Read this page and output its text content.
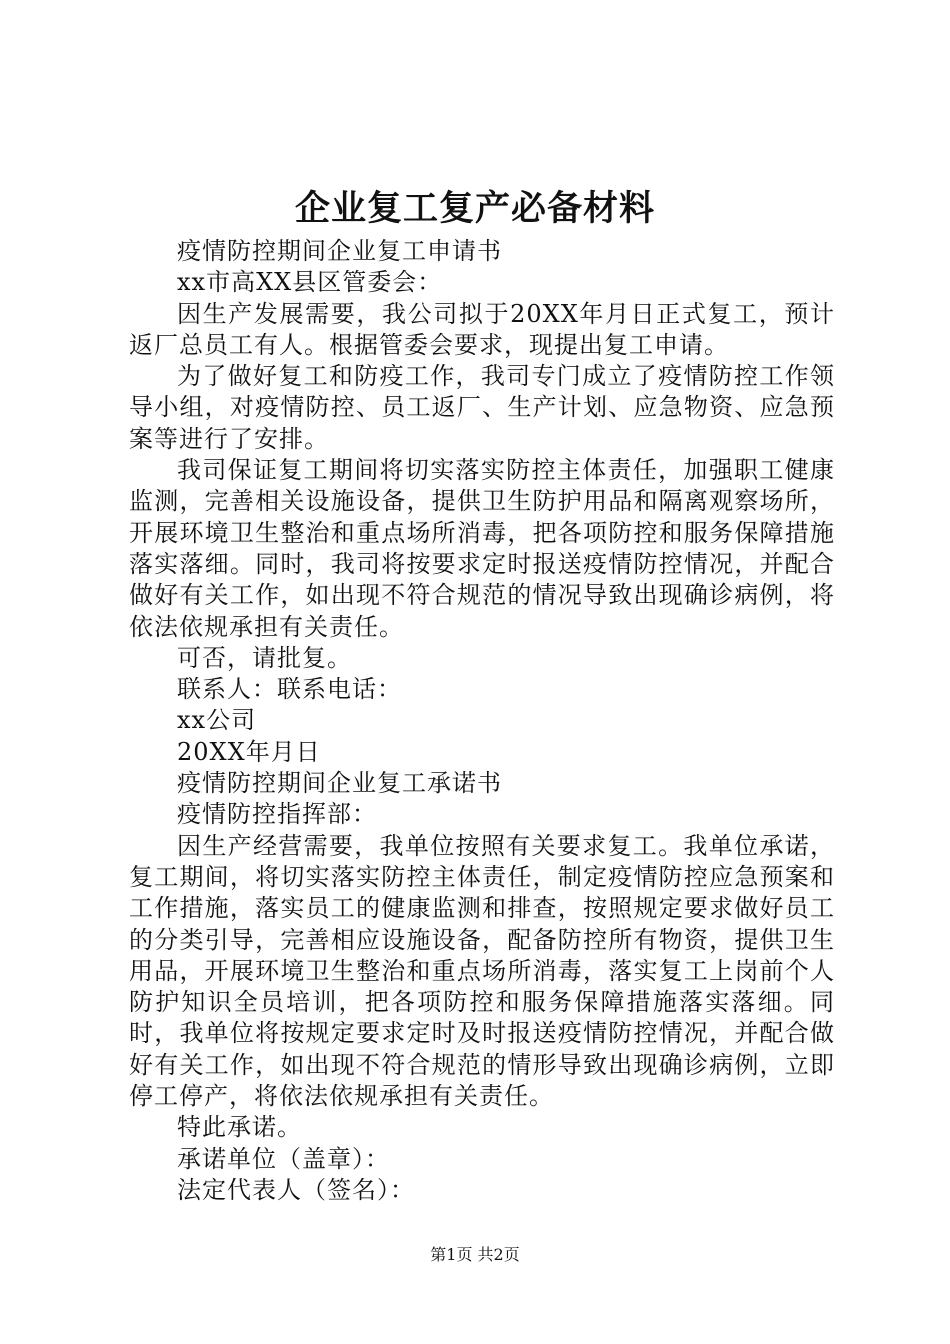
企业复工复产必备材料

疫情防控期间企业复工申请书

xx市高XX县区管委会：

因生产发展需要，我公司拟于20XX年月日正式复工，预计返厂总员工有人。根据管委会要求，现提出复工申请。

为了做好复工和防疫工作，我司专门成立了疫情防控工作领导小组，对疫情防控、员工返厂、生产计划、应急物资、应急预案等进行了安排。

我司保证复工期间将切实落实防控主体责任，加强职工健康监测，完善相关设施设备，提供卫生防护用品和隔离观察场所，开展环境卫生整治和重点场所消毒，把各项防控和服务保障措施落实落细。同时，我司将按要求定时报送疫情防控情况，并配合做好有关工作，如出现不符合规范的情况导致出现确诊病例，将依法依规承担有关责任。

可否，请批复。

联系人：联系电话：

xx公司

20XX年月日

疫情防控期间企业复工承诺书

疫情防控指挥部：

因生产经营需要，我单位按照有关要求复工。我单位承诺，复工期间，将切实落实防控主体责任，制定疫情防控应急预案和工作措施，落实员工的健康监测和排查，按照规定要求做好员工的分类引导，完善相应设施设备，配备防控所有物资，提供卫生用品，开展环境卫生整治和重点场所消毒，落实复工上岗前个人防护知识全员培训，把各项防控和服务保障措施落实落细。同时，我单位将按规定要求定时及时报送疫情防控情况，并配合做好有关工作，如出现不符合规范的情形导致出现确诊病例，立即停工停产，将依法依规承担有关责任。

特此承诺。

承诺单位（盖章）：

法定代表人（签名）：

第1页 共2页
